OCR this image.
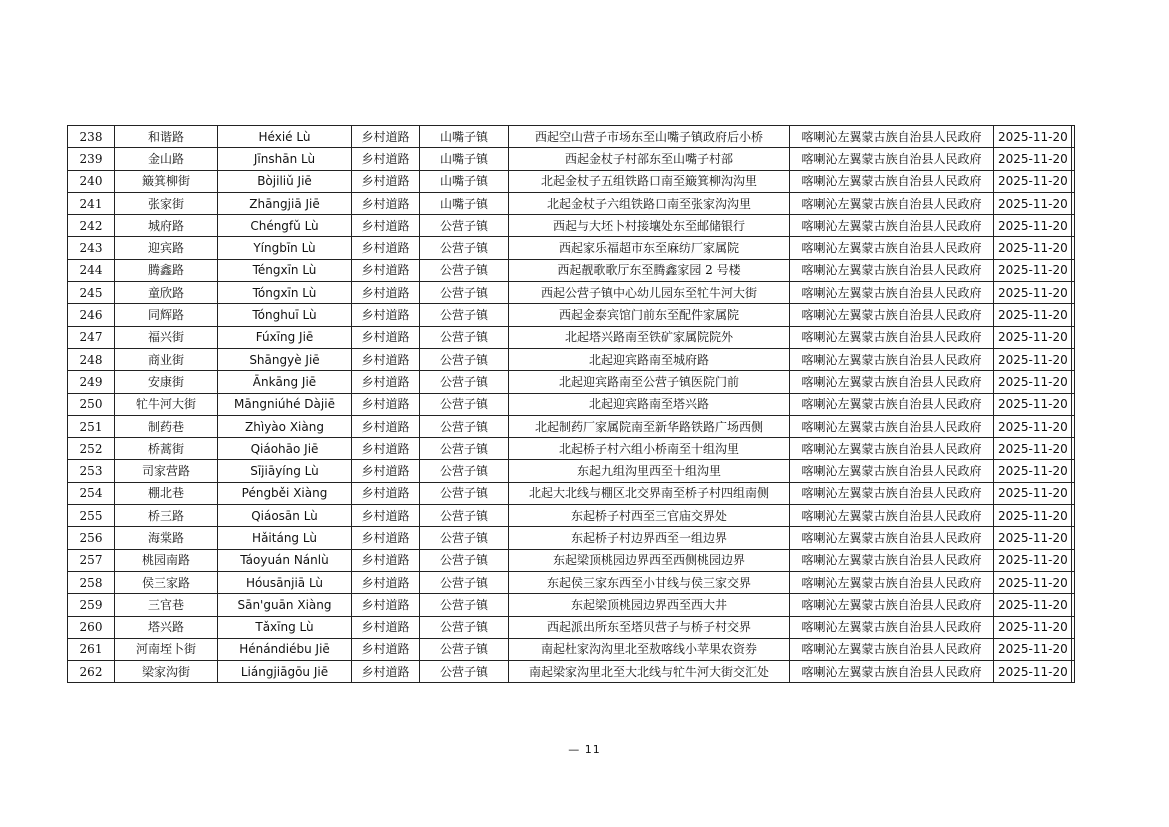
238	和谐路	Héxié Lù	乡村道路	山嘴子镇	西起空山营子市场东至山嘴子镇政府后小桥	喀喇沁左翼蒙古族自治县人民政府	2025-11-20	
239	金山路	Jīnshān Lù	乡村道路	山嘴子镇	西起金杖子村部东至山嘴子村部	喀喇沁左翼蒙古族自治县人民政府	2025-11-20	
240	簸箕柳街	Bòjiliǔ Jiē	乡村道路	山嘴子镇	北起金杖子五组铁路口南至簸箕柳沟沟里	喀喇沁左翼蒙古族自治县人民政府	2025-11-20	
241	张家街	Zhāngjiā Jiē	乡村道路	山嘴子镇	北起金杖子六组铁路口南至张家沟沟里	喀喇沁左翼蒙古族自治县人民政府	2025-11-20	
242	城府路	Chéngfǔ Lù	乡村道路	公营子镇	西起与大坯卜村接壤处东至邮储银行	喀喇沁左翼蒙古族自治县人民政府	2025-11-20	
243	迎宾路	Yíngbīn Lù	乡村道路	公营子镇	西起家乐福超市东至麻纺厂家属院	喀喇沁左翼蒙古族自治县人民政府	2025-11-20	
244	腾鑫路	Téngxīn Lù	乡村道路	公营子镇	西起靓歌歌厅东至腾鑫家园 2 号楼	喀喇沁左翼蒙古族自治县人民政府	2025-11-20	
245	童欣路	Tóngxīn Lù	乡村道路	公营子镇	西起公营子镇中心幼儿园东至牤牛河大街	喀喇沁左翼蒙古族自治县人民政府	2025-11-20	
246	同辉路	Tónghuī Lù	乡村道路	公营子镇	西起金泰宾馆门前东至配件家属院	喀喇沁左翼蒙古族自治县人民政府	2025-11-20	
247	福兴街	Fúxīng Jiē	乡村道路	公营子镇	北起塔兴路南至铁矿家属院院外	喀喇沁左翼蒙古族自治县人民政府	2025-11-20	
248	商业街	Shāngyè Jiē	乡村道路	公营子镇	北起迎宾路南至城府路	喀喇沁左翼蒙古族自治县人民政府	2025-11-20	
249	安康街	Ānkāng Jiē	乡村道路	公营子镇	北起迎宾路南至公营子镇医院门前	喀喇沁左翼蒙古族自治县人民政府	2025-11-20	
250	牤牛河大街	Māngniúhé Dàjiē	乡村道路	公营子镇	北起迎宾路南至塔兴路	喀喇沁左翼蒙古族自治县人民政府	2025-11-20	
251	制药巷	Zhìyào Xiàng	乡村道路	公营子镇	北起制药厂家属院南至新华路铁路广场西侧	喀喇沁左翼蒙古族自治县人民政府	2025-11-20	
252	桥蒿街	Qiáohāo Jiē	乡村道路	公营子镇	北起桥子村六组小桥南至十组沟里	喀喇沁左翼蒙古族自治县人民政府	2025-11-20	
253	司家营路	Sījiāyíng Lù	乡村道路	公营子镇	东起九组沟里西至十组沟里	喀喇沁左翼蒙古族自治县人民政府	2025-11-20	
254	棚北巷	Péngběi Xiàng	乡村道路	公营子镇	北起大北线与棚区北交界南至桥子村四组南侧	喀喇沁左翼蒙古族自治县人民政府	2025-11-20	
255	桥三路	Qiáosān Lù	乡村道路	公营子镇	东起桥子村西至三官庙交界处	喀喇沁左翼蒙古族自治县人民政府	2025-11-20	
256	海棠路	Hǎitáng Lù	乡村道路	公营子镇	东起桥子村边界西至一组边界	喀喇沁左翼蒙古族自治县人民政府	2025-11-20	
257	桃园南路	Táoyuán Nánlù	乡村道路	公营子镇	东起梁顶桃园边界西至西侧桃园边界	喀喇沁左翼蒙古族自治县人民政府	2025-11-20	
258	侯三家路	Hóusānjiā Lù	乡村道路	公营子镇	东起侯三家东西至小甘线与侯三家交界	喀喇沁左翼蒙古族自治县人民政府	2025-11-20	
259	三官巷	Sān'guān Xiàng	乡村道路	公营子镇	东起梁顶桃园边界西至西大井	喀喇沁左翼蒙古族自治县人民政府	2025-11-20	
260	塔兴路	Tǎxīng Lù	乡村道路	公营子镇	西起派出所东至塔贝营子与桥子村交界	喀喇沁左翼蒙古族自治县人民政府	2025-11-20	
261	河南垤卜街	Hénándiébu Jiē	乡村道路	公营子镇	南起杜家沟沟里北至敖喀线小苹果农资券	喀喇沁左翼蒙古族自治县人民政府	2025-11-20	
262	梁家沟街	Liángjiāgōu Jiē	乡村道路	公营子镇	南起梁家沟里北至大北线与牤牛河大街交汇处	喀喇沁左翼蒙古族自治县人民政府	2025-11-20	
— 11
